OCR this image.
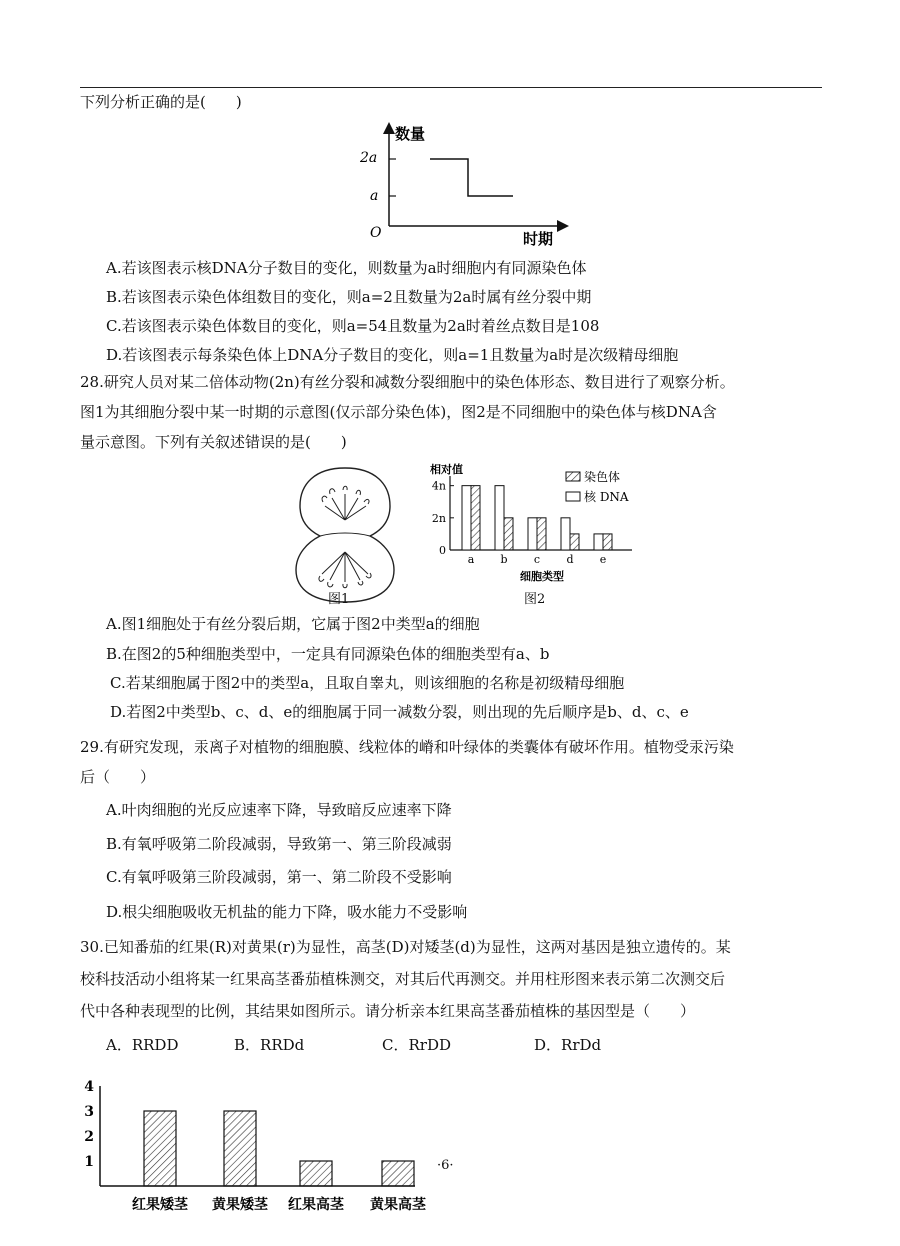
下列分析正确的是(　　)
数量
时期
O
2a
a
A.若该图表示核DNA分子数目的变化，则数量为a时细胞内有同源染色体
B.若该图表示染色体组数目的变化，则a=2且数量为2a时属有丝分裂中期
C.若该图表示染色体数目的变化，则a=54且数量为2a时着丝点数目是108
D.若该图表示每条染色体上DNA分子数目的变化，则a=1且数量为a时是次级精母细胞
28.研究人员对某二倍体动物(2n)有丝分裂和减数分裂细胞中的染色体形态、数目进行了观察分析。
图1为其细胞分裂中某一时期的示意图(仅示部分染色体)，图2是不同细胞中的染色体与核DNA含
量示意图。下列有关叙述错误的是(　　)
图1
相对值
细胞类型
4n
2n
0
a b c d e
染色体
核 DNA
图2
A.图1细胞处于有丝分裂后期，它属于图2中类型a的细胞
B.在图2的5种细胞类型中，一定具有同源染色体的细胞类型有a、b
C.若某细胞属于图2中的类型a，且取自睾丸，则该细胞的名称是初级精母细胞
D.若图2中类型b、c、d、e的细胞属于同一减数分裂，则出现的先后顺序是b、d、c、e
29.有研究发现，汞离子对植物的细胞膜、线粒体的嵴和叶绿体的类囊体有破坏作用。植物受汞污染
后（　　）
A.叶肉细胞的光反应速率下降，导致暗反应速率下降
B.有氧呼吸第二阶段减弱，导致第一、第三阶段减弱
C.有氧呼吸第三阶段减弱，第一、第二阶段不受影响
D.根尖细胞吸收无机盐的能力下降，吸水能力不受影响
30.已知番茄的红果(R)对黄果(r)为显性，高茎(D)对矮茎(d)为显性，这两对基因是独立遗传的。某
校科技活动小组将某一红果高茎番茄植株测交，对其后代再测交。并用柱形图来表示第二次测交后
代中各种表现型的比例，其结果如图所示。请分析亲本红果高茎番茄植株的基因型是（　　）
A．RRDD	B．RRDd	C．RrDD	D．RrDd
4
3
2
1
红果矮茎 黄果矮茎 红果高茎 黄果高茎
·6·
